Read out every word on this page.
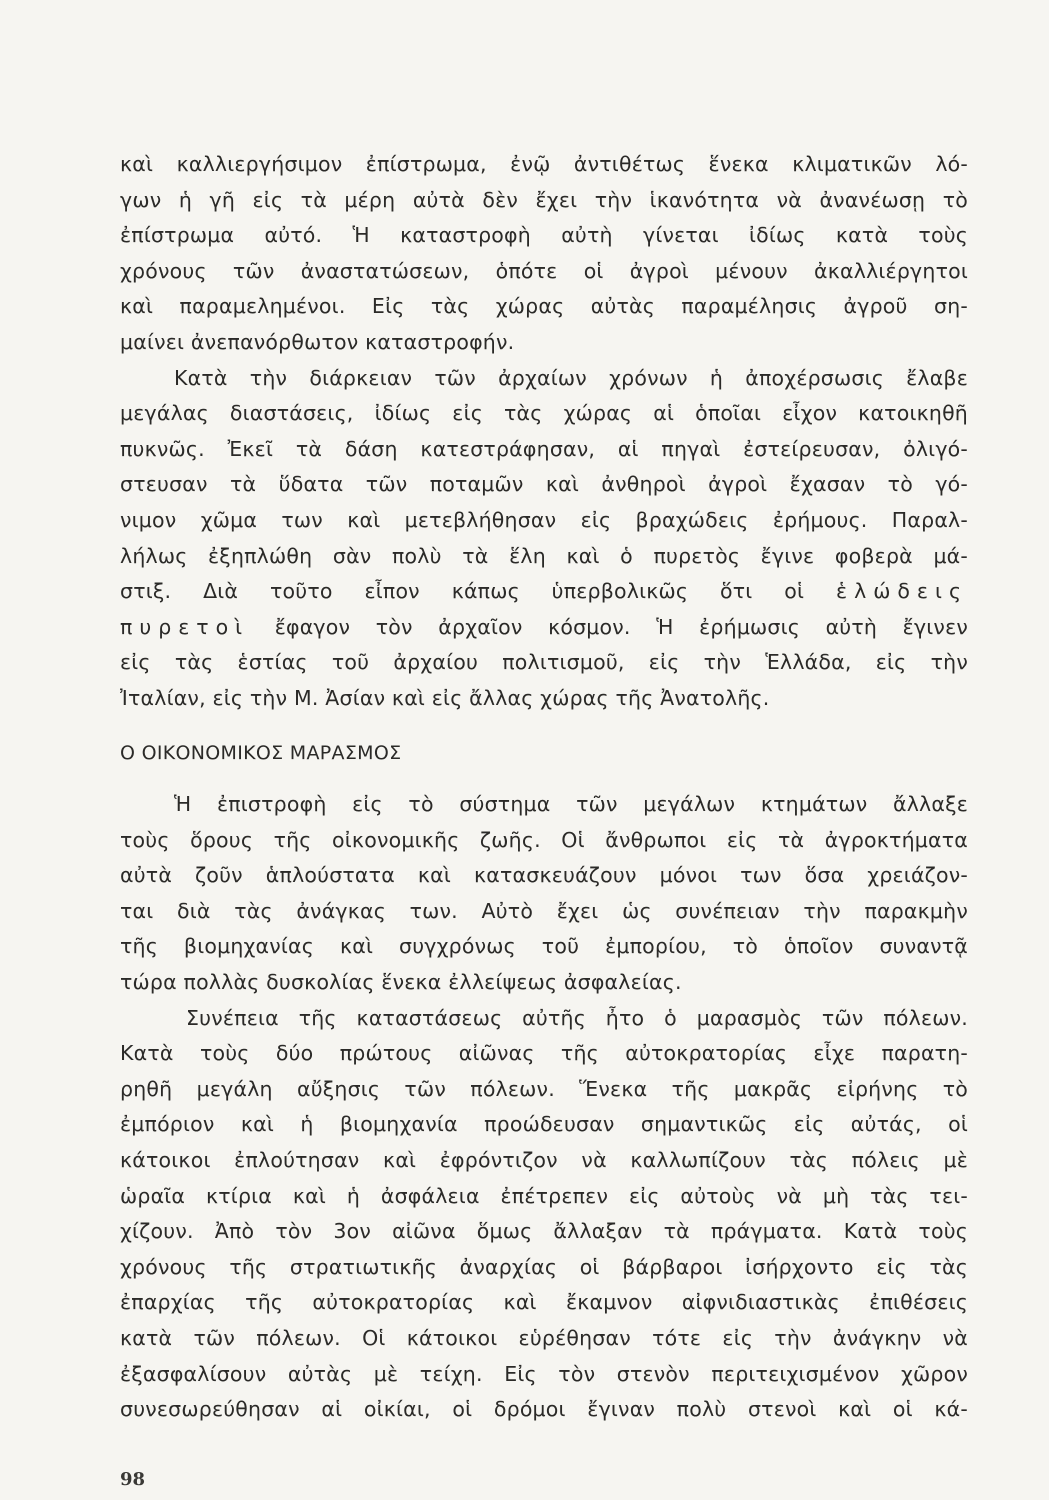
καὶ καλλιεργήσιμον ἐπίστρωμα, ἐνῷ ἀντιθέτως ἕνεκα κλιματικῶν λό-
γων ἡ γῆ εἰς τὰ μέρη αὐτὰ δὲν ἔχει τὴν ἱκανότητα νὰ ἀνανέωσῃ τὸ
ἐπίστρωμα αὐτό. Ἡ καταστροφὴ αὐτὴ γίνεται ἰδίως κατὰ τοὺς
χρόνους τῶν ἀναστατώσεων, ὁπότε οἱ ἀγροὶ μένουν ἀκαλλιέργητοι
καὶ παραμελημένοι. Εἰς τὰς χώρας αὐτὰς παραμέλησις ἀγροῦ ση-
μαίνει ἀνεπανόρθωτον καταστροφήν.
Κατὰ τὴν διάρκειαν τῶν ἀρχαίων χρόνων ἡ ἀποχέρσωσις ἔλαβε
μεγάλας διαστάσεις, ἰδίως εἰς τὰς χώρας αἱ ὁποῖαι εἶχον κατοικηθῆ
πυκνῶς. Ἐκεῖ τὰ δάση κατεστράφησαν, αἱ πηγαὶ ἐστείρευσαν, ὀλιγό-
στευσαν τὰ ὕδατα τῶν ποταμῶν καὶ ἀνθηροὶ ἀγροὶ ἔχασαν τὸ γό-
νιμον χῶμα των καὶ μετεβλήθησαν εἰς βραχώδεις ἐρήμους. Παραλ-
λήλως ἐξηπλώθη σὰν πολὺ τὰ ἕλη καὶ ὁ πυρετὸς ἔγινε φοβερὰ μά-
στιξ. Διὰ τοῦτο εἶπον κάπως ὑπερβολικῶς ὅτι οἱ ἑλώδεις
πυρετοὶ ἔφαγον τὸν ἀρχαῖον κόσμον. Ἡ ἐρήμωσις αὐτὴ ἔγινεν
εἰς τὰς ἑστίας τοῦ ἀρχαίου πολιτισμοῦ, εἰς τὴν Ἑλλάδα, εἰς τὴν
Ἰταλίαν, εἰς τὴν Μ. Ἀσίαν καὶ εἰς ἄλλας χώρας τῆς Ἀνατολῆς.
Ο ΟΙΚΟΝΟΜΙΚΟΣ ΜΑΡΑΣΜΟΣ
Ἡ ἐπιστροφὴ εἰς τὸ σύστημα τῶν μεγάλων κτημάτων ἄλλαξε
τοὺς ὅρους τῆς οἰκονομικῆς ζωῆς. Οἱ ἄνθρωποι εἰς τὰ ἀγροκτήματα
αὐτὰ ζοῦν ἁπλούστατα καὶ κατασκευάζουν μόνοι των ὅσα χρειάζον-
ται διὰ τὰς ἀνάγκας των. Αὐτὸ ἔχει ὡς συνέπειαν τὴν παρακμὴν
τῆς βιομηχανίας καὶ συγχρόνως τοῦ ἐμπορίου, τὸ ὁποῖον συναντᾷ
τώρα πολλὰς δυσκολίας ἕνεκα ἐλλείψεως ἀσφαλείας.
Συνέπεια τῆς καταστάσεως αὐτῆς ἦτο ὁ μαρασμὸς τῶν πόλεων.
Κατὰ τοὺς δύο πρώτους αἰῶνας τῆς αὐτοκρατορίας εἶχε παρατη-
ρηθῆ μεγάλη αὔξησις τῶν πόλεων. Ἕνεκα τῆς μακρᾶς εἰρήνης τὸ
ἐμπόριον καὶ ἡ βιομηχανία προώδευσαν σημαντικῶς εἰς αὐτάς, οἱ
κάτοικοι ἐπλούτησαν καὶ ἐφρόντιζον νὰ καλλωπίζουν τὰς πόλεις μὲ
ὡραῖα κτίρια καὶ ἡ ἀσφάλεια ἐπέτρεπεν εἰς αὐτοὺς νὰ μὴ τὰς τει-
χίζουν. Ἀπὸ τὸν 3ον αἰῶνα ὅμως ἄλλαξαν τὰ πράγματα. Κατὰ τοὺς
χρόνους τῆς στρατιωτικῆς ἀναρχίας οἱ βάρβαροι ἰσήρχοντο εἰς τὰς
ἐπαρχίας τῆς αὐτοκρατορίας καὶ ἔκαμνον αἰφνιδιαστικὰς ἐπιθέσεις
κατὰ τῶν πόλεων. Οἱ κάτοικοι εὑρέθησαν τότε εἰς τὴν ἀνάγκην νὰ
ἐξασφαλίσουν αὐτὰς μὲ τείχη. Εἰς τὸν στενὸν περιτειχισμένον χῶρον
συνεσωρεύθησαν αἱ οἰκίαι, οἱ δρόμοι ἔγιναν πολὺ στενοὶ καὶ οἱ κά-
98
